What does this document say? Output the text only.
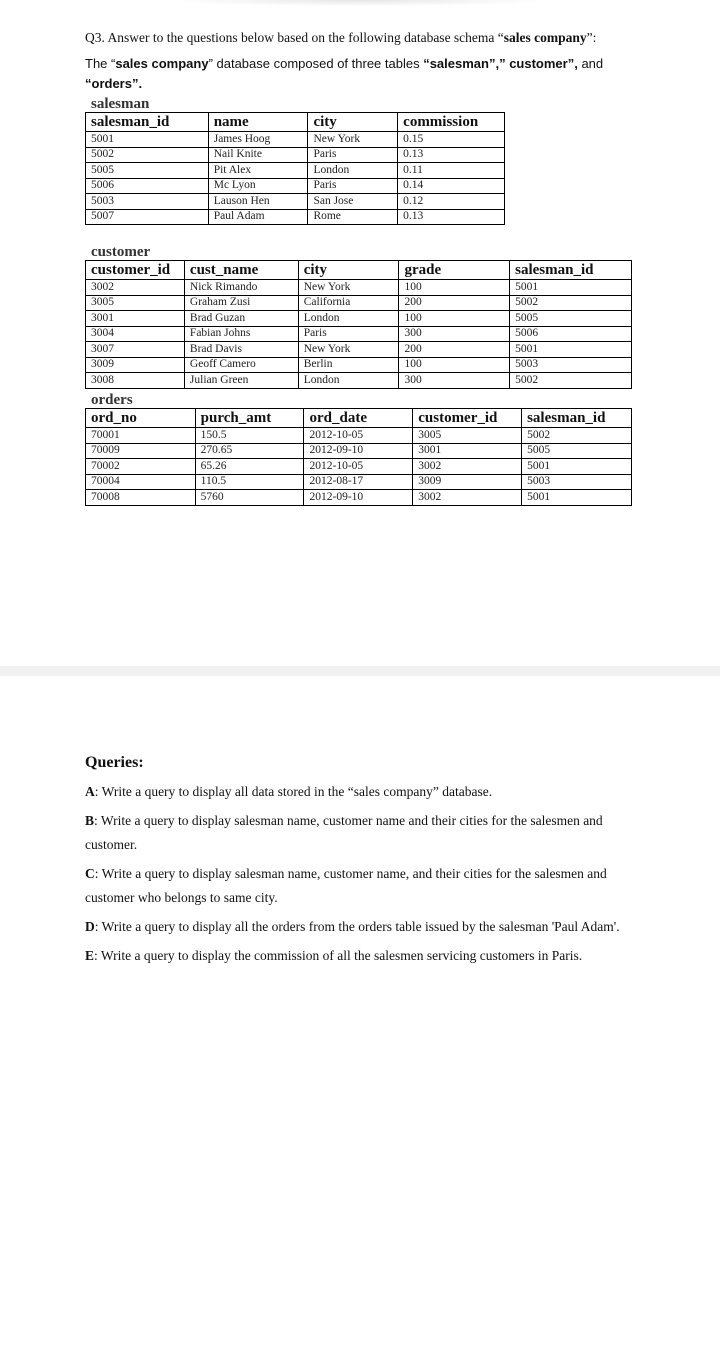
Q3. Answer to the questions below based on the following database schema “sales company”:
The “sales company” database composed of three tables “salesman”,” customer”, and
“orders”.
salesman
salesman_id	name	city	commission
5001	James Hoog	New York	0.15
5002	Nail Knite	Paris	0.13
5005	Pit Alex	London	0.11
5006	Mc Lyon	Paris	0.14
5003	Lauson Hen	San Jose	0.12
5007	Paul Adam	Rome	0.13
customer
customer_id	cust_name	city	grade	salesman_id
3002	Nick Rimando	New York	100	5001
3005	Graham Zusi	California	200	5002
3001	Brad Guzan	London	100	5005
3004	Fabian Johns	Paris	300	5006
3007	Brad Davis	New York	200	5001
3009	Geoff Camero	Berlin	100	5003
3008	Julian Green	London	300	5002
orders
ord_no	purch_amt	ord_date	customer_id	salesman_id
70001	150.5	2012-10-05	3005	5002
70009	270.65	2012-09-10	3001	5005
70002	65.26	2012-10-05	3002	5001
70004	110.5	2012-08-17	3009	5003
70008	5760	2012-09-10	3002	5001
Queries:

A: Write a query to display all data stored in the “sales company” database.

B: Write a query to display salesman name, customer name and their cities for the salesmen and customer.

C: Write a query to display salesman name, customer name, and their cities for the salesmen and customer who belongs to same city.

D: Write a query to display all the orders from the orders table issued by the salesman 'Paul Adam'.

E: Write a query to display the commission of all the salesmen servicing customers in Paris.
